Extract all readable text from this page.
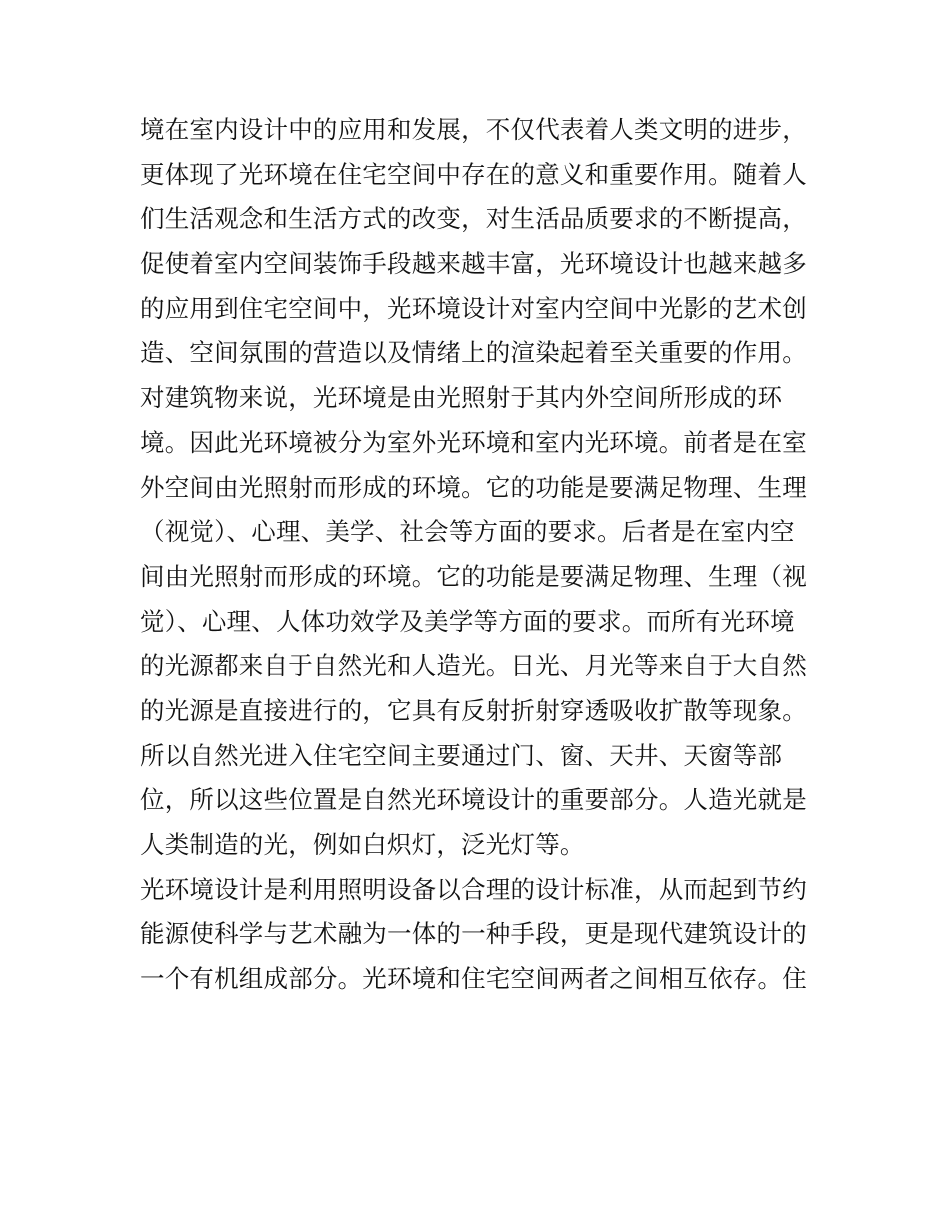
境在室内设计中的应用和发展，不仅代表着人类文明的进步，
更体现了光环境在住宅空间中存在的意义和重要作用。随着人
们生活观念和生活方式的改变，对生活品质要求的不断提高，
促使着室内空间装饰手段越来越丰富，光环境设计也越来越多
的应用到住宅空间中，光环境设计对室内空间中光影的艺术创
造、空间氛围的营造以及情绪上的渲染起着至关重要的作用。
对建筑物来说，光环境是由光照射于其内外空间所形成的环
境。因此光环境被分为室外光环境和室内光环境。前者是在室
外空间由光照射而形成的环境。它的功能是要满足物理、生理
（视觉）、心理、美学、社会等方面的要求。后者是在室内空
间由光照射而形成的环境。它的功能是要满足物理、生理（视
觉）、心理、人体功效学及美学等方面的要求。而所有光环境
的光源都来自于自然光和人造光。日光、月光等来自于大自然
的光源是直接进行的，它具有反射折射穿透吸收扩散等现象。
所以自然光进入住宅空间主要通过门、窗、天井、天窗等部
位，所以这些位置是自然光环境设计的重要部分。人造光就是
人类制造的光，例如白炽灯，泛光灯等。
光环境设计是利用照明设备以合理的设计标准，从而起到节约
能源使科学与艺术融为一体的一种手段，更是现代建筑设计的
一个有机组成部分。光环境和住宅空间两者之间相互依存。住
